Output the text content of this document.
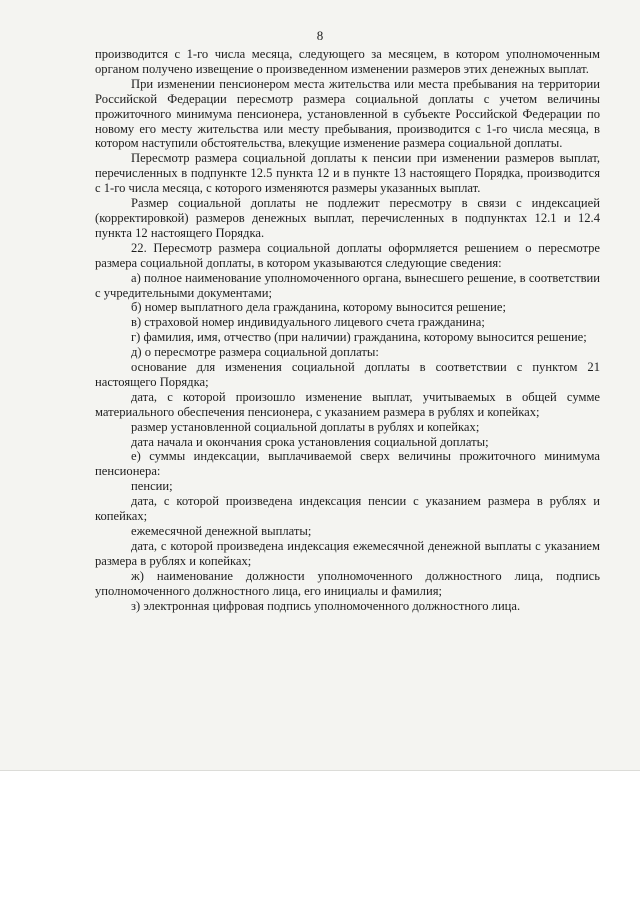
8

производится с 1-го числа месяца, следующего за месяцем, в котором уполномоченным органом получено извещение о произведенном изменении размеров этих денежных выплат.

При изменении пенсионером места жительства или места пребывания на территории Российской Федерации пересмотр размера социальной доплаты с учетом величины прожиточного минимума пенсионера, установленной в субъекте Российской Федерации по новому его месту жительства или месту пребывания, производится с 1-го числа месяца, в котором наступили обстоятельства, влекущие изменение размера социальной доплаты.

Пересмотр размера социальной доплаты к пенсии при изменении размеров выплат, перечисленных в подпункте 12.5 пункта 12 и в пункте 13 настоящего Порядка, производится с 1-го числа месяца, с которого изменяются размеры указанных выплат.

Размер социальной доплаты не подлежит пересмотру в связи с индексацией (корректировкой) размеров денежных выплат, перечисленных в подпунктах 12.1 и 12.4 пункта 12 настоящего Порядка.

22. Пересмотр размера социальной доплаты оформляется решением о пересмотре размера социальной доплаты, в котором указываются следующие сведения:

а) полное наименование уполномоченного органа, вынесшего решение, в соответствии с учредительными документами;

б) номер выплатного дела гражданина, которому выносится решение;

в) страховой номер индивидуального лицевого счета гражданина;

г) фамилия, имя, отчество (при наличии) гражданина, которому выносится решение;

д) о пересмотре размера социальной доплаты:

основание для изменения социальной доплаты в соответствии с пунктом 21 настоящего Порядка;

дата, с которой произошло изменение выплат, учитываемых в общей сумме материального обеспечения пенсионера, с указанием размера в рублях и копейках;

размер установленной социальной доплаты в рублях и копейках;

дата начала и окончания срока установления социальной доплаты;

е) суммы индексации, выплачиваемой сверх величины прожиточного минимума пенсионера:

пенсии;

дата, с которой произведена индексация пенсии с указанием размера в рублях и копейках;

ежемесячной денежной выплаты;

дата, с которой произведена индексация ежемесячной денежной выплаты с указанием размера в рублях и копейках;

ж) наименование должности уполномоченного должностного лица, подпись уполномоченного должностного лица, его инициалы и фамилия;

з) электронная цифровая подпись уполномоченного должностного лица.
